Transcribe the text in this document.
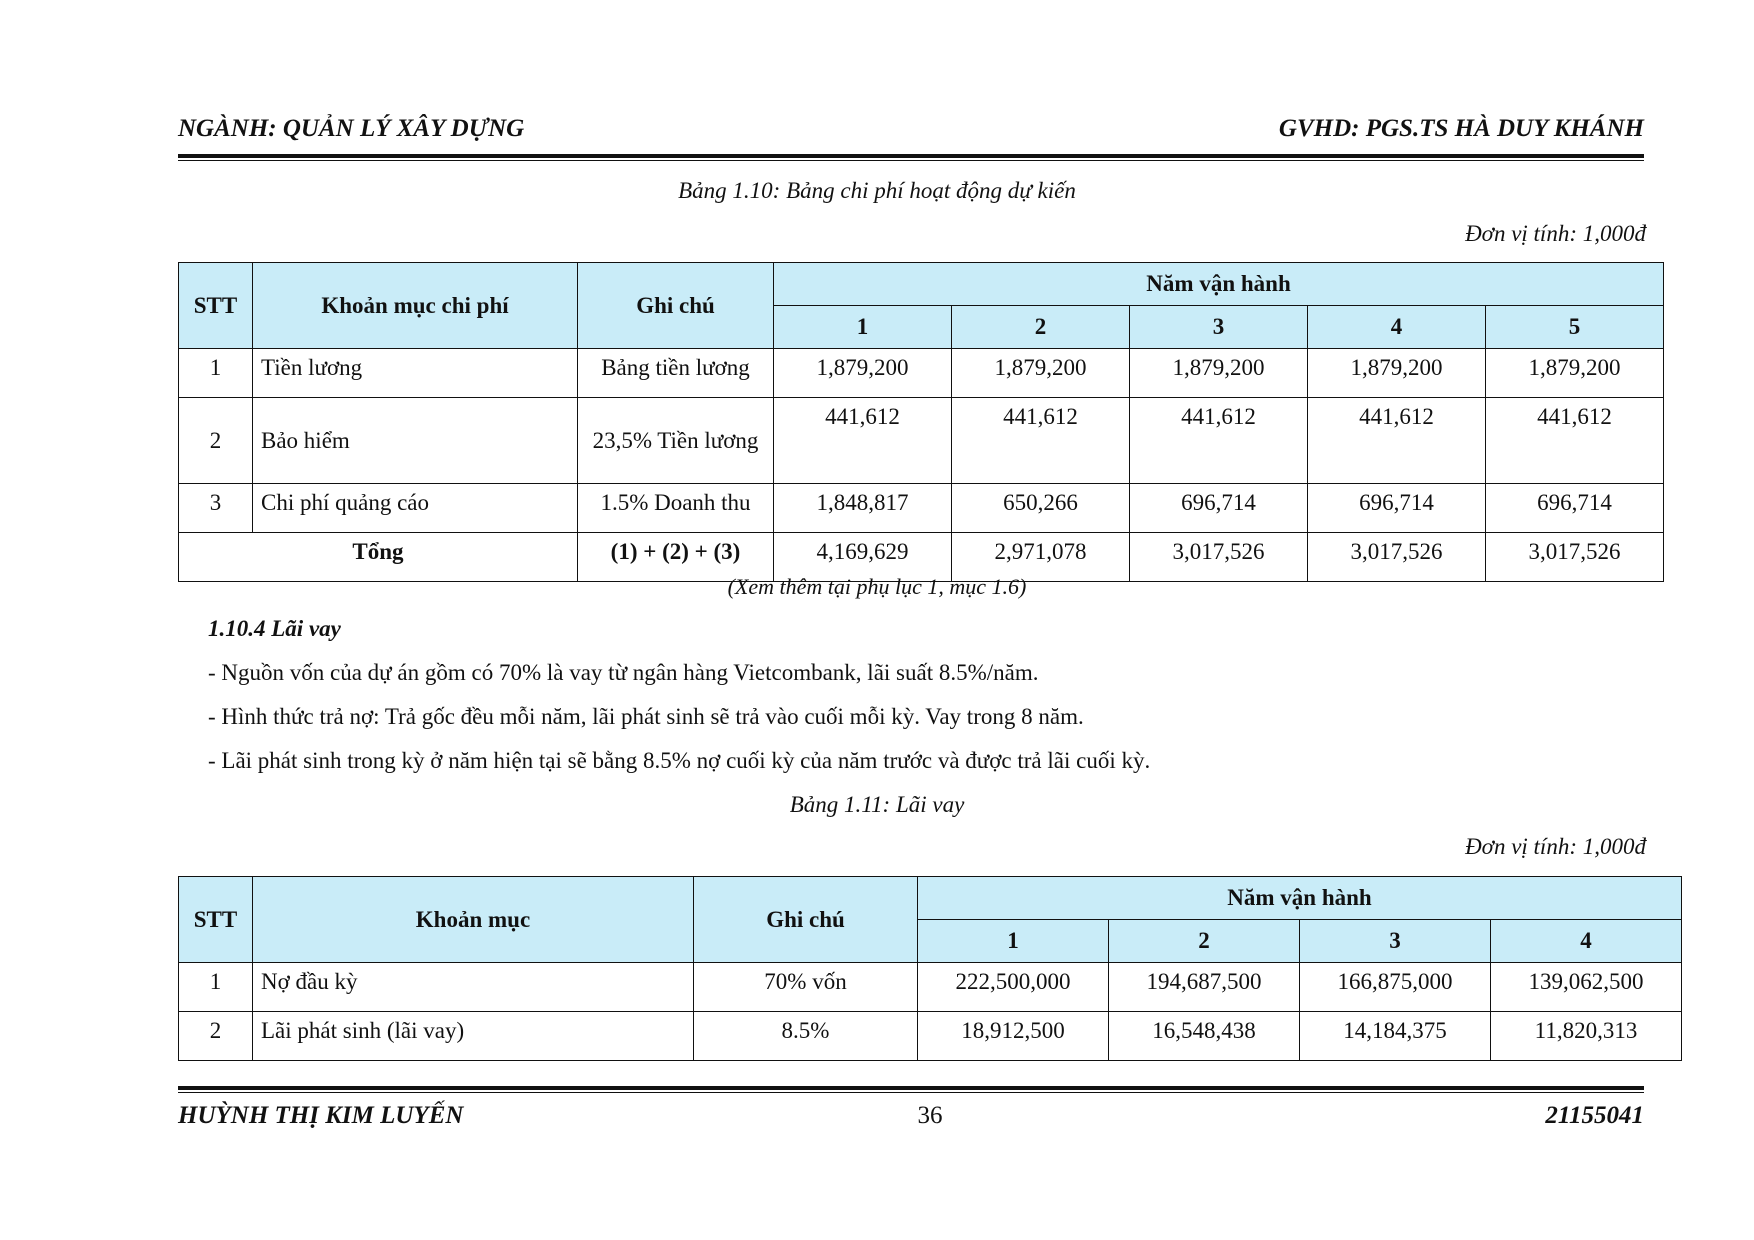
NGÀNH: QUẢN LÝ XÂY DỰNG	GVHD: PGS.TS HÀ DUY KHÁNH
Bảng 1.10: Bảng chi phí hoạt động dự kiến
Đơn vị tính: 1,000đ
STT	Khoản mục chi phí	Ghi chú	Năm vận hành				
			1	2	3	4	5
1	Tiền lương	Bảng tiền lương	1,879,200	1,879,200	1,879,200	1,879,200	1,879,200
2	Bảo hiểm	23,5% Tiền lương	441,612	441,612	441,612	441,612	441,612
3	Chi phí quảng cáo	1.5% Doanh thu	1,848,817	650,266	696,714	696,714	696,714
Tổng		(1) + (2) + (3)	4,169,629	2,971,078	3,017,526	3,017,526	3,017,526
(Xem thêm tại phụ lục 1, mục 1.6)
1.10.4 Lãi vay
- Nguồn vốn của dự án gồm có 70% là vay từ ngân hàng Vietcombank, lãi suất 8.5%/năm.
- Hình thức trả nợ: Trả gốc đều mỗi năm, lãi phát sinh sẽ trả vào cuối mỗi kỳ. Vay trong 8 năm.
- Lãi phát sinh trong kỳ ở năm hiện tại sẽ bằng 8.5% nợ cuối kỳ của năm trước và được trả lãi cuối kỳ.
Bảng 1.11: Lãi vay
Đơn vị tính: 1,000đ
STT	Khoản mục	Ghi chú	Năm vận hành			
			1	2	3	4
1	Nợ đầu kỳ	70% vốn	222,500,000	194,687,500	166,875,000	139,062,500
2	Lãi phát sinh (lãi vay)	8.5%	18,912,500	16,548,438	14,184,375	11,820,313
HUỲNH THỊ KIM LUYẾN	36	21155041
